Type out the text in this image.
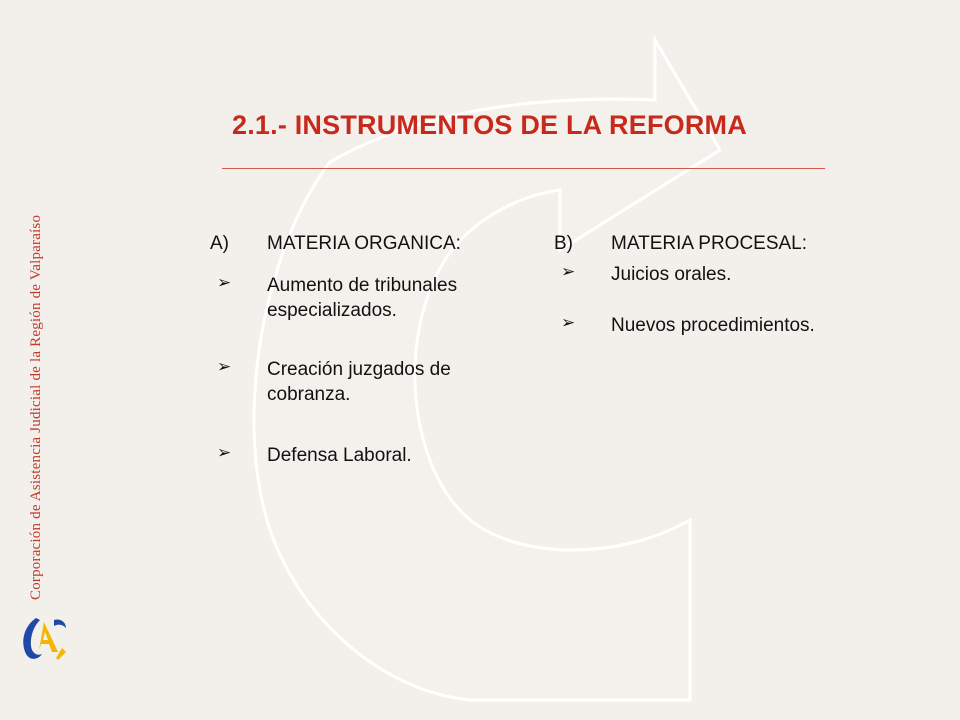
Corporación de Asistencia Judicial de la Región de Valparaíso
2.1.- INSTRUMENTOS DE LA REFORMA
A)	MATERIA ORGANICA:
➢	Aumento de tribunales especializados.
➢	Creación juzgados de cobranza.
➢	Defensa Laboral.
B)	MATERIA PROCESAL:
➢	Juicios orales.
➢	Nuevos procedimientos.
